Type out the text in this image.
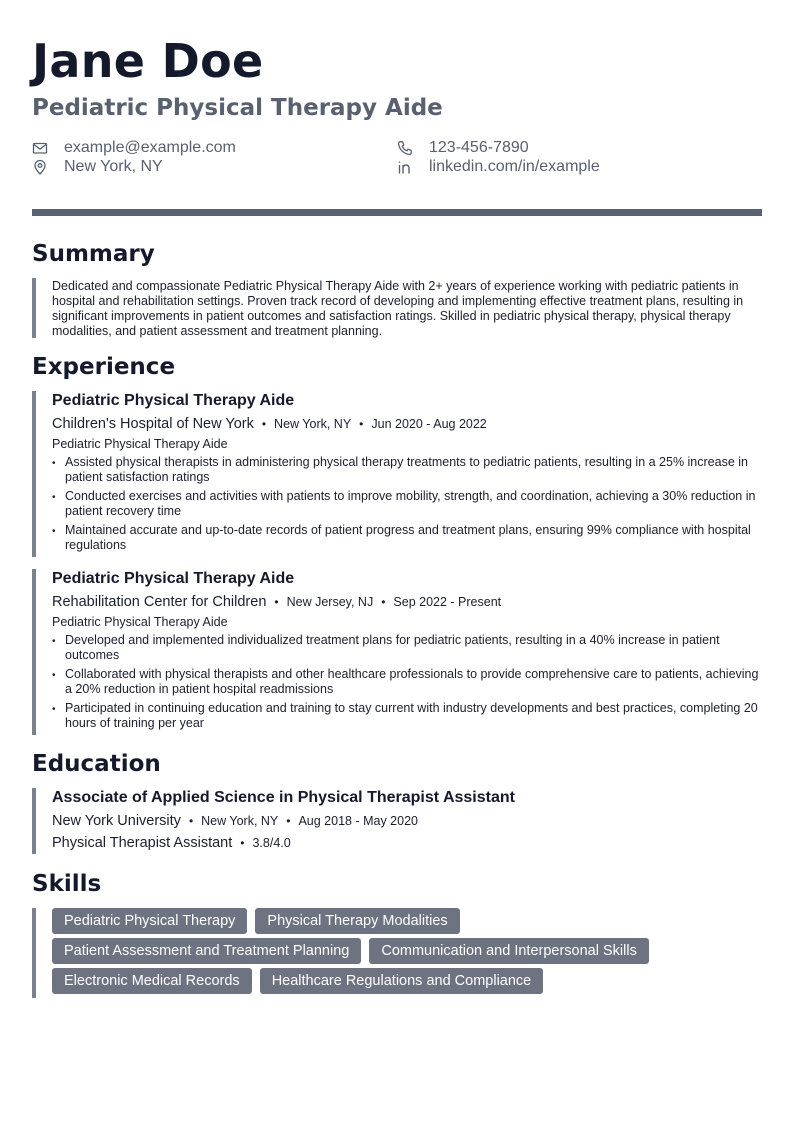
Jane Doe
Pediatric Physical Therapy Aide
example@example.com
New York, NY
123-456-7890
linkedin.com/in/example
Summary

Dedicated and compassionate Pediatric Physical Therapy Aide with 2+ years of experience working with pediatric patients in hospital and rehabilitation settings. Proven track record of developing and implementing effective treatment plans, resulting in significant improvements in patient outcomes and satisfaction ratings. Skilled in pediatric physical therapy, physical therapy modalities, and patient assessment and treatment planning.

Experience
Pediatric Physical Therapy Aide
Children's Hospital of New York • New York, NY • Jun 2020 - Aug 2022
Pediatric Physical Therapy Aide
• Assisted physical therapists in administering physical therapy treatments to pediatric patients, resulting in a 25% increase in patient satisfaction ratings
• Conducted exercises and activities with patients to improve mobility, strength, and coordination, achieving a 30% reduction in patient recovery time
• Maintained accurate and up-to-date records of patient progress and treatment plans, ensuring 99% compliance with hospital regulations
Pediatric Physical Therapy Aide
Rehabilitation Center for Children • New Jersey, NJ • Sep 2022 - Present
Pediatric Physical Therapy Aide
• Developed and implemented individualized treatment plans for pediatric patients, resulting in a 40% increase in patient outcomes
• Collaborated with physical therapists and other healthcare professionals to provide comprehensive care to patients, achieving a 20% reduction in patient hospital readmissions
• Participated in continuing education and training to stay current with industry developments and best practices, completing 20 hours of training per year
Education
Associate of Applied Science in Physical Therapist Assistant
New York University • New York, NY • Aug 2018 - May 2020
Physical Therapist Assistant • 3.8/4.0
Skills
Pediatric Physical Therapy	Physical Therapy Modalities
Patient Assessment and Treatment Planning	Communication and Interpersonal Skills
Electronic Medical Records	Healthcare Regulations and Compliance
